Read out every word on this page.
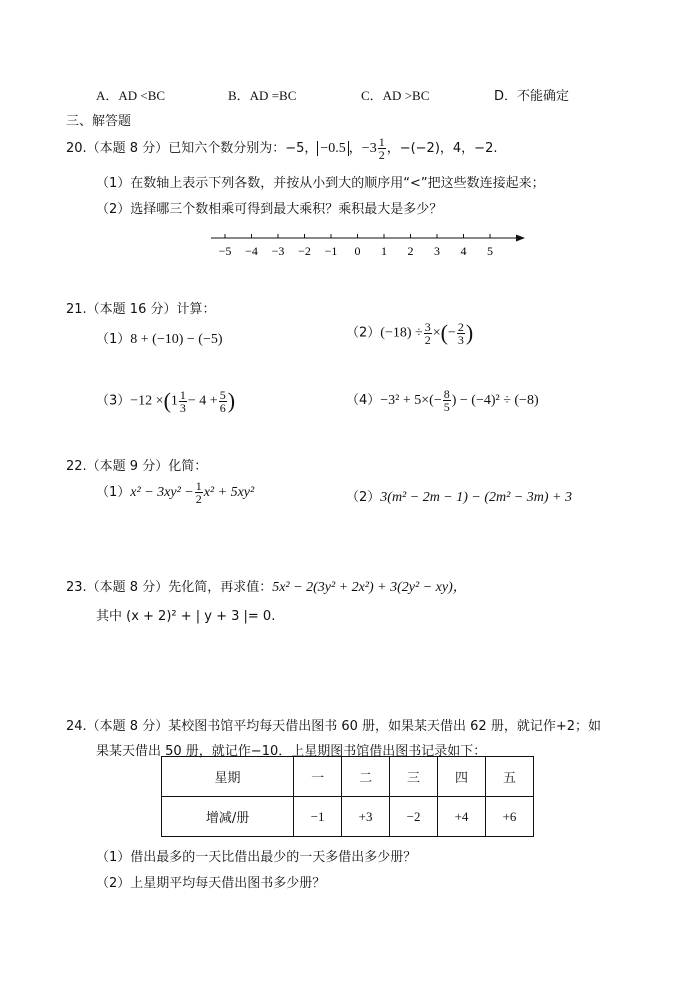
A．AD <BC	B．AD =BC	C．AD >BC	D．不能确定
三、解答题
20.（本题 8 分）已知六个数分别为：−5， −0.5 ，$-3 \frac{1}{2}$ ，−(−2)，4，−2.
（1）在数轴上表示下列各数，并按从小到大的顺序用“<”把这些数连接起来；
（2）选择哪三个数相乘可得到最大乘积？乘积最大是多少？
−5 −4 −3 −2 −1 0 1 2 3 4 5
21.（本题 16 分）计算：
（1）8 + (−10) − (−5)	$(2)(-18) \div \frac{3}{2}$ ×(− $\frac{2}{3}$ )
$(3)-12 \times(1 \frac{1}{3} - 4 + \frac{5}{6}$ )	$(4)-3^2 + 5\times(- \frac{8}{5}$ ) − (−4)² ÷ (−8)
22.（本题 9 分）化简：
$(1)x^2 - 3xy^2 - \frac{1}{2} x^2 + 5xy^2$	（2）3(m² − 2m − 1) − (2m² − 3m) + 3
23.（本题 8 分）先化简，再求值：5x² − 2(3y² + 2x²) + 3(2y² − xy)，
其中 (x + 2)² + | y + 3 |= 0.
24.（本题 8 分）某校图书馆平均每天借出图书 60 册，如果某天借出 62 册，就记作+2；如
果某天借出 50 册，就记作−10．上星期图书馆借出图书记录如下：
星期	一	二	三	四	五
增减/册	−1	+3	−2	+4	+6
（1）借出最多的一天比借出最少的一天多借出多少册？
（2）上星期平均每天借出图书多少册？
